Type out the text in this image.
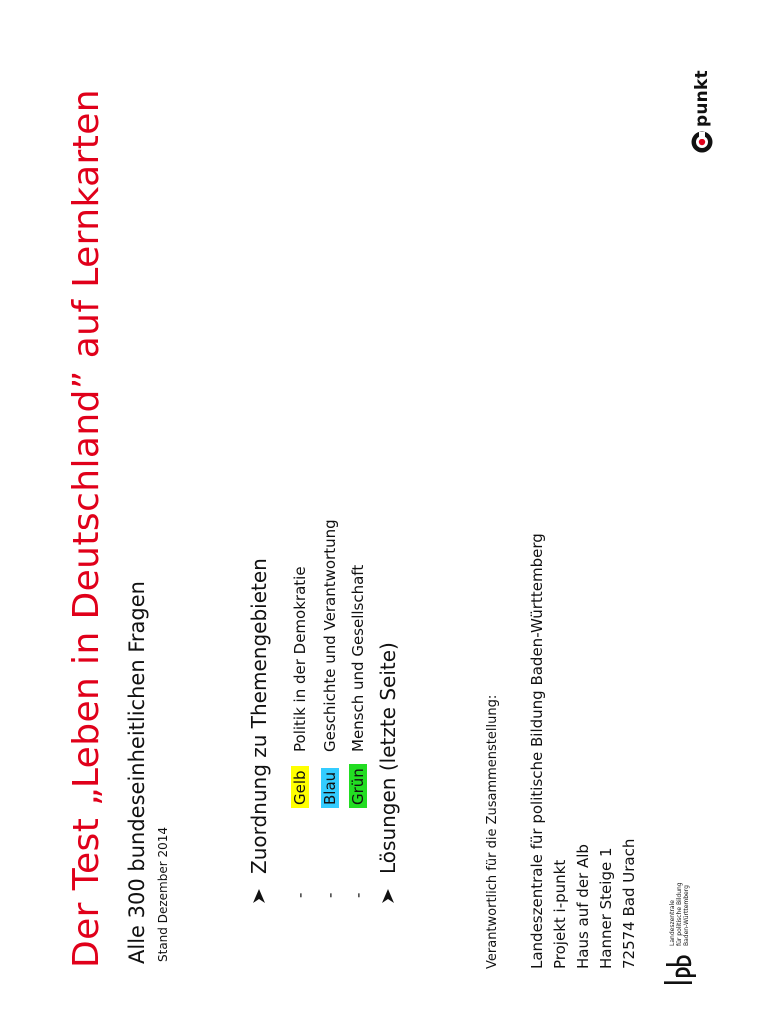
Der Test „Leben in Deutschland” auf Lernkarten Alle 300 bundeseinheitlichen Fragen Stand Dezember 2014
Zuordnung zu Themengebieten
-
Gelb
Politik in der Demokratie
-
Blau
Geschichte und Verantwortung
-
Grün
Mensch und Gesellschaft Lösungen (letzte Seite)	Verantwortlich für die Zusammenstellung: Landeszentrale für politische Bildung Baden-Württemberg Projekt i-punkt Haus auf der Alb Hanner Steige 1 72574 Bad Urach	Landeszentrale für politische Bildung Baden-Württemberg
punkt
